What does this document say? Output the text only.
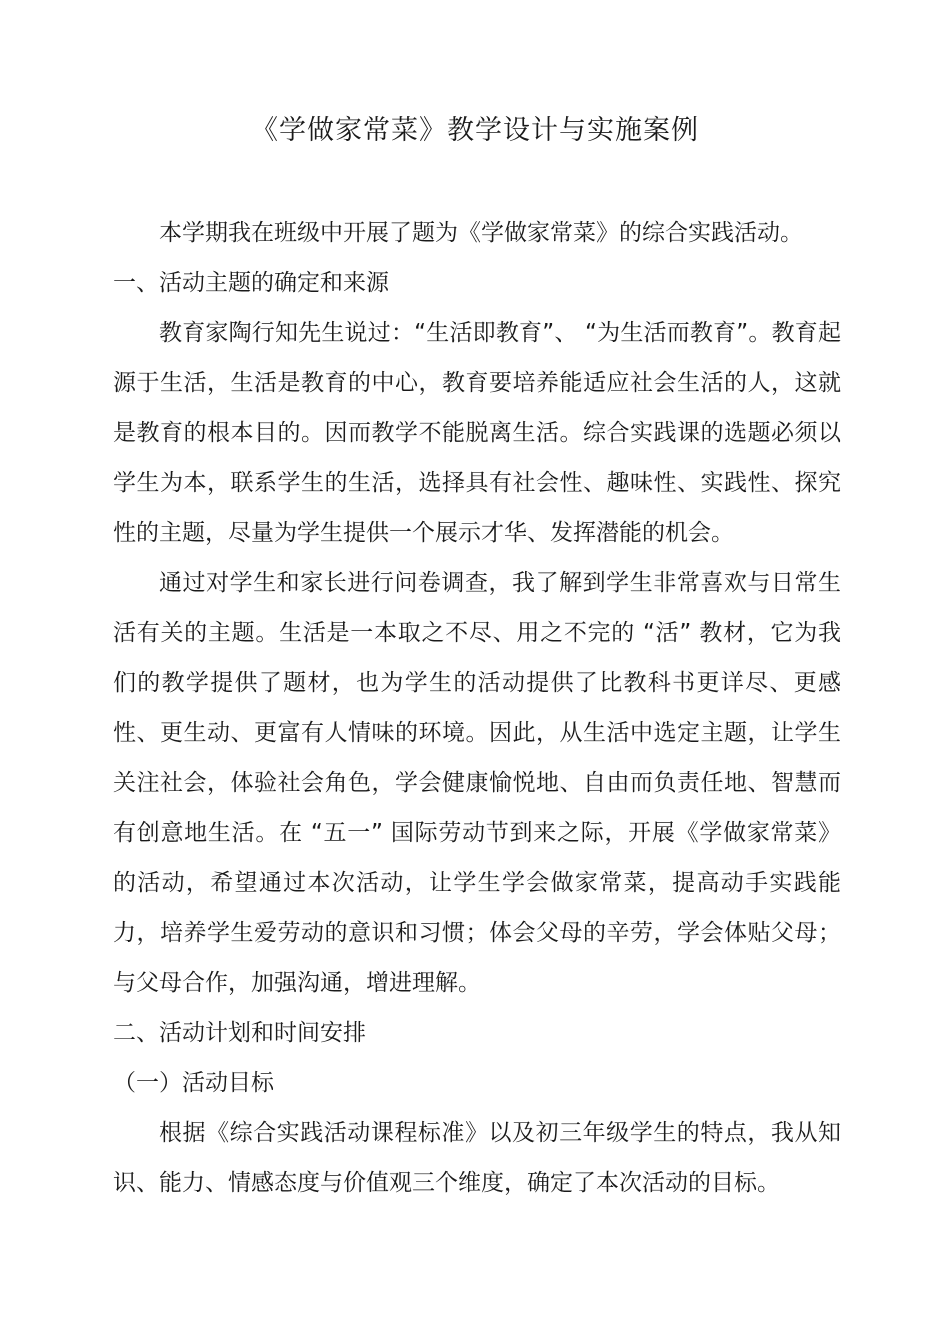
《学做家常菜》教学设计与实施案例

本学期我在班级中开展了题为《学做家常菜》的综合实践活动。

一、活动主题的确定和来源

教育家陶行知先生说过：“生活即教育”、 “为生活而教育”。教育起源于生活，生活是教育的中心，教育要培养能适应社会生活的人，这就是教育的根本目的。因而教学不能脱离生活。综合实践课的选题必须以学生为本，联系学生的生活，选择具有社会性、趣味性、实践性、探究性的主题，尽量为学生提供一个展示才华、发挥潜能的机会。

通过对学生和家长进行问卷调查，我了解到学生非常喜欢与日常生活有关的主题。生活是一本取之不尽、用之不完的 “活” 教材，它为我们的教学提供了题材，也为学生的活动提供了比教科书更详尽、更感性、更生动、更富有人情味的环境。因此，从生活中选定主题，让学生关注社会，体验社会角色，学会健康愉悦地、自由而负责任地、智慧而有创意地生活。在 “五一” 国际劳动节到来之际，开展《学做家常菜》的活动，希望通过本次活动，让学生学会做家常菜，提高动手实践能力，培养学生爱劳动的意识和习惯；体会父母的辛劳，学会体贴父母；与父母合作，加强沟通，增进理解。

二、活动计划和时间安排

（一）活动目标

根据《综合实践活动课程标准》以及初三年级学生的特点，我从知识、能力、情感态度与价值观三个维度，确定了本次活动的目标。
